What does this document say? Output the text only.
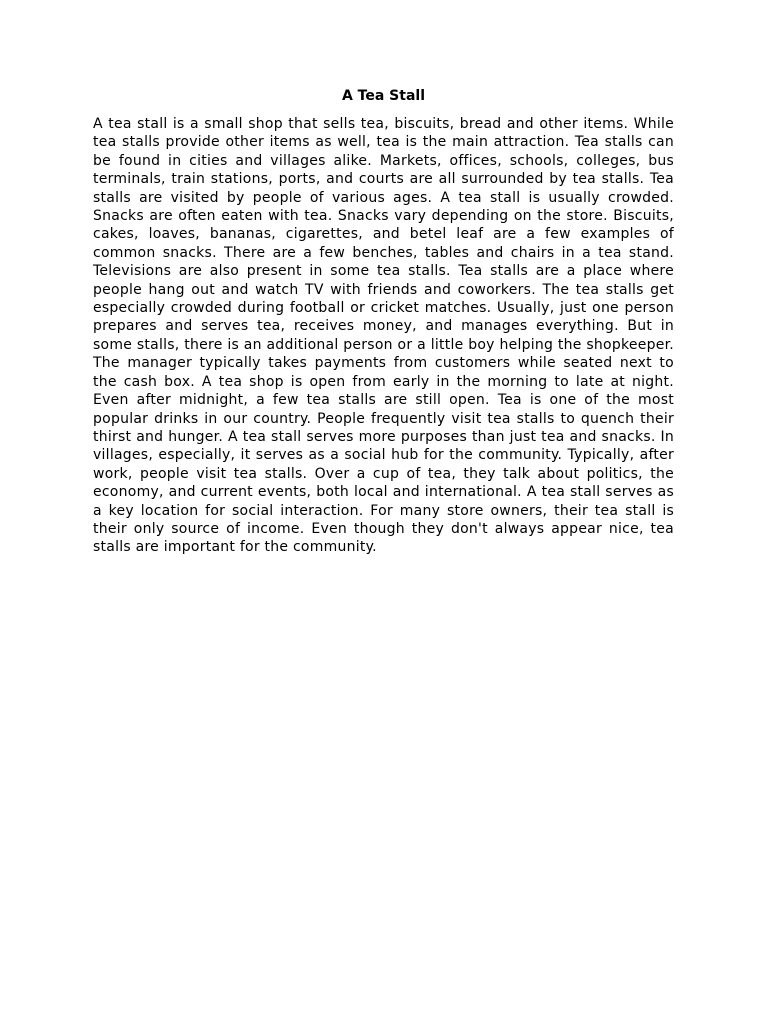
A Tea Stall

A tea stall is a small shop that sells tea, biscuits, bread and other items. While tea stalls provide other items as well, tea is the main attraction. Tea stalls can be found in cities and villages alike. Markets, offices, schools, colleges, bus terminals, train stations, ports, and courts are all surrounded by tea stalls. Tea stalls are visited by people of various ages. A tea stall is usually crowded. Snacks are often eaten with tea. Snacks vary depending on the store. Biscuits, cakes, loaves, bananas, cigarettes, and betel leaf are a few examples of common snacks. There are a few benches, tables and chairs in a tea stand. Televisions are also present in some tea stalls. Tea stalls are a place where people hang out and watch TV with friends and coworkers. The tea stalls get especially crowded during football or cricket matches. Usually, just one person prepares and serves tea, receives money, and manages everything. But in some stalls, there is an additional person or a little boy helping the shopkeeper. The manager typically takes payments from customers while seated next to the cash box. A tea shop is open from early in the morning to late at night. Even after midnight, a few tea stalls are still open. Tea is one of the most popular drinks in our country. People frequently visit tea stalls to quench their thirst and hunger. A tea stall serves more purposes than just tea and snacks. In villages, especially, it serves as a social hub for the community. Typically, after work, people visit tea stalls. Over a cup of tea, they talk about politics, the economy, and current events, both local and international. A tea stall serves as a key location for social interaction. For many store owners, their tea stall is their only source of income. Even though they don't always appear nice, tea stalls are important for the community.
